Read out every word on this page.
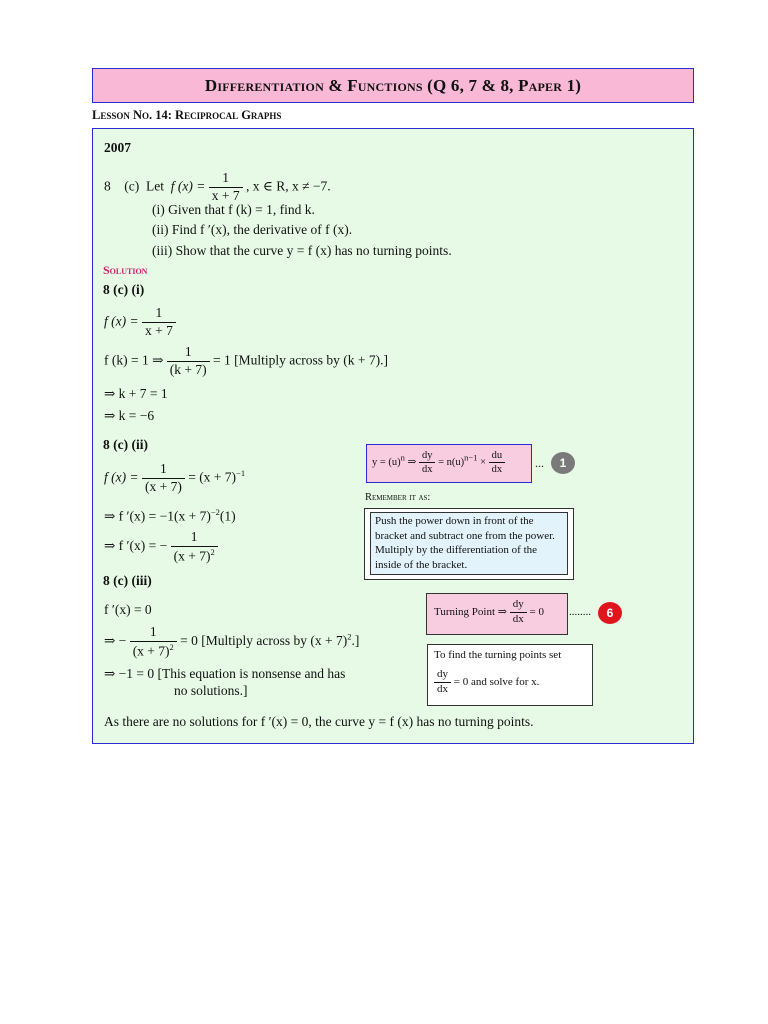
Differentiation & Functions (Q 6, 7 & 8, Paper 1)
Lesson No. 14: Reciprocal Graphs
2007
8 (c) Let f $(x) = \frac{1}{x + 7}$ , x ∈ R, x ≠ −7.
(i) Given that f (k) = 1, find k.
(ii) Find f ′(x), the derivative of f (x).
(iii) Show that the curve y = f (x) has no turning points.
Solution
8 (c) (i)
f $(x) = \frac{1}{x + 7}$
f (k) = 1 ⇒ $\frac{1}{(k + 7)} = 1$ [Multiply across by (k + 7).]
⇒ k + 7 = 1
⇒ k = −6
8 (c) (ii)
f $(x) = \frac{1}{(x + 7)} = (x + 7)^{-1}$
⇒ f $'(x) = -1(x + 7)^{-2}(1)$
⇒ f ′(x) = − $\frac{1}{(x + 7)^2}$
8 (c) (iii)
f ′(x) = 0
⇒ − $\frac{1}{(x + 7)^2} = 0$ [Multiply across by $(x + 7)^2$.]
⇒ −1 = 0 [This equation is nonsense and has
no solutions.]
As there are no solutions for f ′(x) = 0, the curve y = f (x) has no turning points.
$y = (u)^n$ ⇒ $\frac{dy}{dx} = n(u)^{n-1} \times \frac{du}{dx}$ ...	1
Remember it as:
Push the power down in front of the bracket and subtract one from the power. Multiply by the differentiation of the inside of the bracket.
Turning Point ⇒ $\frac{dy}{dx} = 0$ ........	6
To find the turning points set
$\frac{dy}{dx} = 0$ and solve for x.
